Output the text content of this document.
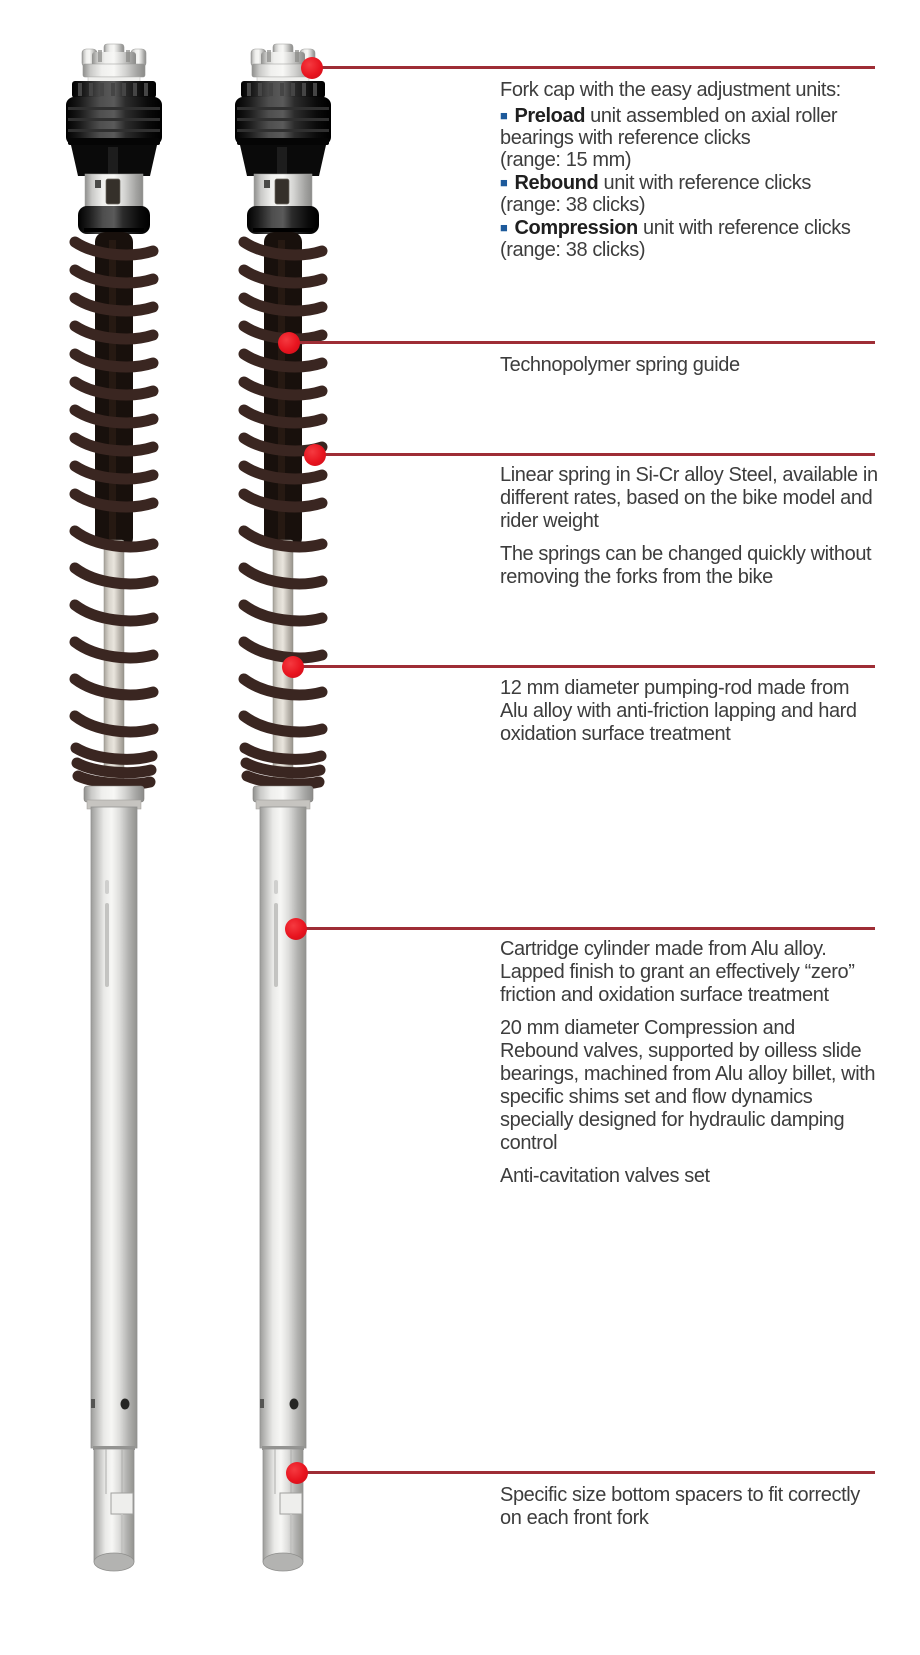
Fork cap with the easy adjustment units:

■ Preload unit assembled on axial roller bearings with reference clicks
(range: 15 mm)

■ Rebound unit with reference clicks
(range: 38 clicks)

■ Compression unit with reference clicks
(range: 38 clicks)

Technopolymer spring guide

Linear spring in Si-Cr alloy Steel, available in different rates, based on the bike model and rider weight

The springs can be changed quickly without removing the forks from the bike

12 mm diameter pumping-rod made from Alu alloy with anti-friction lapping and hard oxidation surface treatment

Cartridge cylinder made from Alu alloy. Lapped finish to grant an effectively “zero” friction and oxidation surface treatment

20 mm diameter Compression and Rebound valves, supported by oilless slide bearings, machined from Alu alloy billet, with specific shims set and flow dynamics specially designed for hydraulic damping control

Anti-cavitation valves set

Specific size bottom spacers to fit correctly on each front fork
